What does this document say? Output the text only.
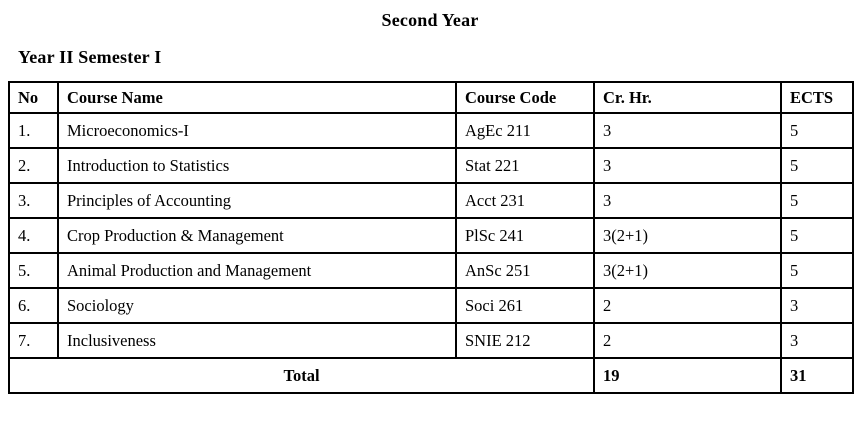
Second Year
Year II Semester I
No	Course Name	Course Code	Cr. Hr.	ECTS
1.	Microeconomics-I	AgEc 211	3	5
2.	Introduction to Statistics	Stat 221	3	5
3.	Principles of Accounting	Acct 231	3	5
4.	Crop Production & Management	PlSc 241	3(2+1)	5
5.	Animal Production and Management	AnSc 251	3(2+1)	5
6.	Sociology	Soci 261	2	3
7.	Inclusiveness	SNIE 212	2	3
Total			19	31
